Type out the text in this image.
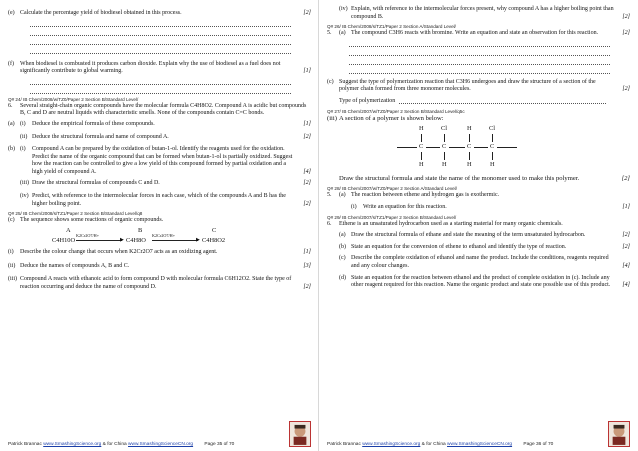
(e) Calculate the percentage yield of biodiesel obtained in this process.	[2]
(f)	When biodiesel is combusted it produces carbon dioxide. Explain why the use of biodiesel as a fuel does not significantly contribute to global warming.	[1]
Q# 24/ IB Chem/2008/w/TZ0/Paper 2 Section B/Standard Level/
6.	Several straight-chain organic compounds have the molecular formula C4H8O2. Compound A is acidic but compounds B, C and D are neutral liquids with characteristic smells. None of the compounds contain C=C bonds.
(a) (i)	Deduce the empirical formula of these compounds.	[1]
(ii) Deduce the structural formula and name of compound A.	[2]
(b) (i)	Compound A can be prepared by the oxidation of butan-1-ol. Identify the reagents used for the oxidation. Predict the name of the organic compound that can be formed when butan-1-ol is partially oxidized. Suggest how the reaction can be controlled to give a low yield of this compound formed by partial oxidation and a high yield of compound A.	[4]
(iii) Draw the structural formulas of compounds C and D.	[2]
(iv) Predict, with reference to the intermolecular forces in each case, which of the compounds A and B has the higher boiling point.	[2]
Q# 25/ IB Chem/2008/s/TZ1/Paper 2 Section B/Standard Level/q8
(c) The sequence shows some reactions of organic compounds.
A	B	C
C4H10O
K2Cr2O7/H+
▶ C4H8O
K2Cr2O7/H+
▶ C4H8O2
(i)	Describe the colour change that occurs when K2Cr2O7 acts as an oxidizing agent.	[1]
(ii) Deduce the names of compounds A, B and C.	[3]
(iii) Compound A reacts with ethanoic acid to form compound D with molecular formula C6H12O2. State the type of reaction occurring and deduce the name of compound D.	[2]
Patrick Brannac www.SmashingScience.org & for China www.SmashingScienceCN.org Page 35 of 70
(iv) Explain, with reference to the intermolecular forces present, why compound A has a higher boiling point than compound B.	[2]
Q# 26/ IB Chem/2008/s/TZ1/Paper 2 Section A/Standard Level/
5.	(a) The compound C3H6 reacts with bromine. Write an equation and state an observation for this reaction.	[2]
(c) Suggest the type of polymerization reaction that C3H6 undergoes and draw the structure of a section of the polymer chain formed from three monomer molecules.	[2]
Type of polymerization
Q# 27/ IB Chem/2007/w/TZ0/Paper 2 Section B/Standard Level/q5c
(iii) A section of a polymer is shown below:
H	Cl	H	Cl
C	C	C	C
H	H	H	H
Draw the structural formula and state the name of the monomer used to make this polymer.	[2]
Q# 28/ IB Chem/2007/w/TZ0/Paper 2 Section A/Standard Level/
5.	(a) The reaction between ethene and hydrogen gas is exothermic.
(i)	Write an equation for this reaction.	[1]
Q# 29/ IB Chem/2007/s/TZ1/Paper 2 Section B/Standard Level/
6.	Ethene is an unsaturated hydrocarbon used as a starting material for many organic chemicals.
(a) Draw the structural formula of ethane and state the meaning of the term unsaturated hydrocarbon.	[2]
(b) State an equation for the conversion of ethene to ethanol and identify the type of reaction.	[2]
(c) Describe the complete oxidation of ethanol and name the product. Include the conditions, reagents required and any colour changes.	[4]
(d) State an equation for the reaction between ethanol and the product of complete oxidation in (c). Include any other reagent required for this reaction. Name the organic product and state one possible use of this product.	[4]
Patrick Brannac www.SmashingScience.org & for China www.SmashingScienceCN.org Page 36 of 70
